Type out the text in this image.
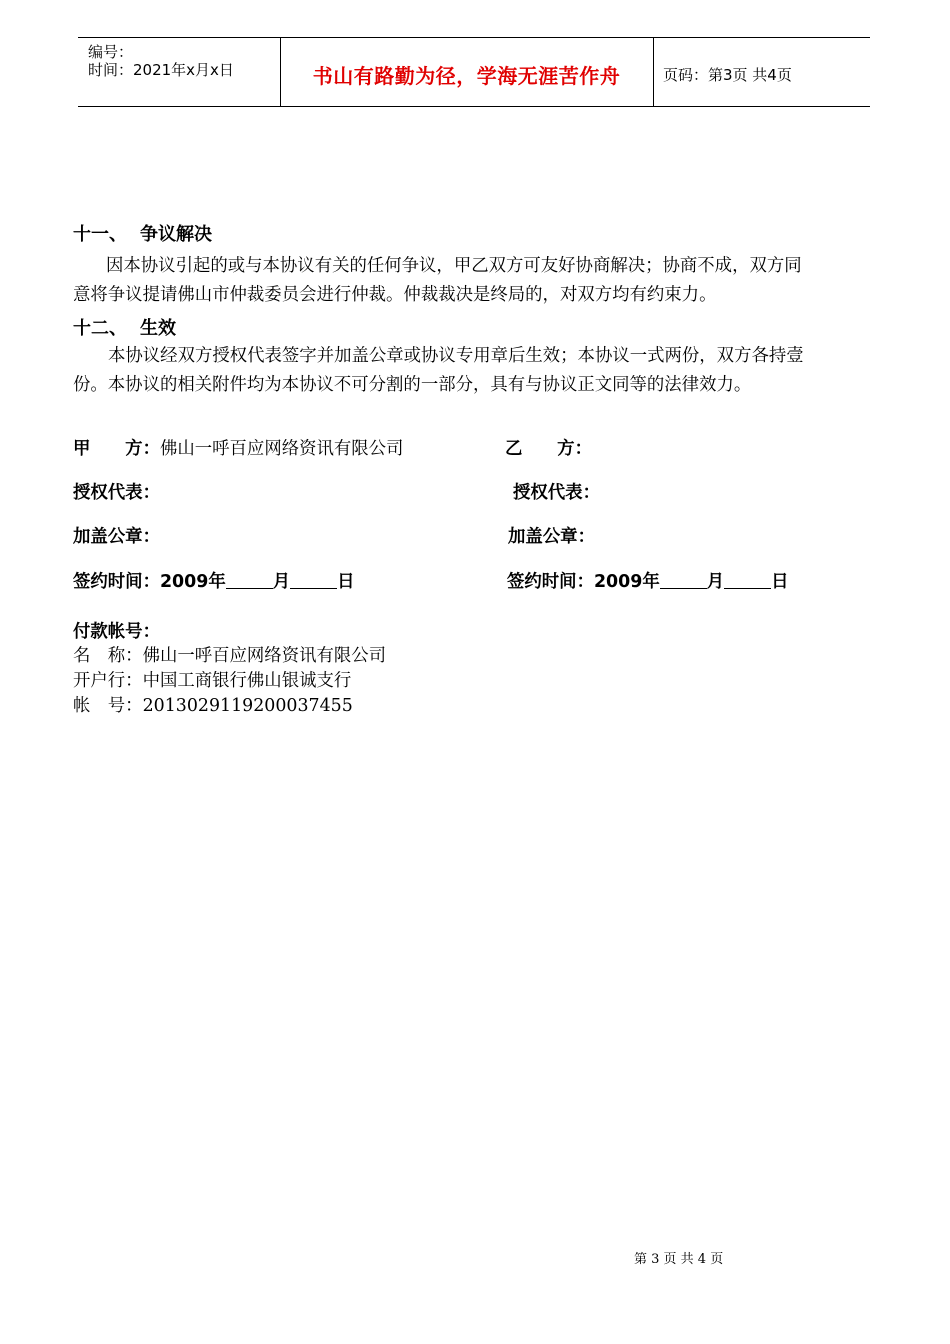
编号：
时间：2021年x月x日	书山有路勤为径，学海无涯苦作舟	页码：第3页 共4页
十一、 争议解决
因本协议引起的或与本协议有关的任何争议，甲乙双方可友好协商解决；协商不成，双方同
意将争议提请佛山市仲裁委员会进行仲裁。仲裁裁决是终局的，对双方均有约束力。
十二、 生效
本协议经双方授权代表签字并加盖公章或协议专用章后生效；本协议一式两份，双方各持壹
份。本协议的相关附件均为本协议不可分割的一部分，具有与协议正文同等的法律效力。
甲　　方：佛山一呼百应网络资讯有限公司	乙　　方：
授权代表：	授权代表：
加盖公章：	加盖公章：
签约时间：2009年	月	日	签约时间：2009年	月	日
付款帐号：
名　称：佛山一呼百应网络资讯有限公司
开户行：中国工商银行佛山银诚支行
帐　号：2013029119200037455
第 3 页 共 4 页
